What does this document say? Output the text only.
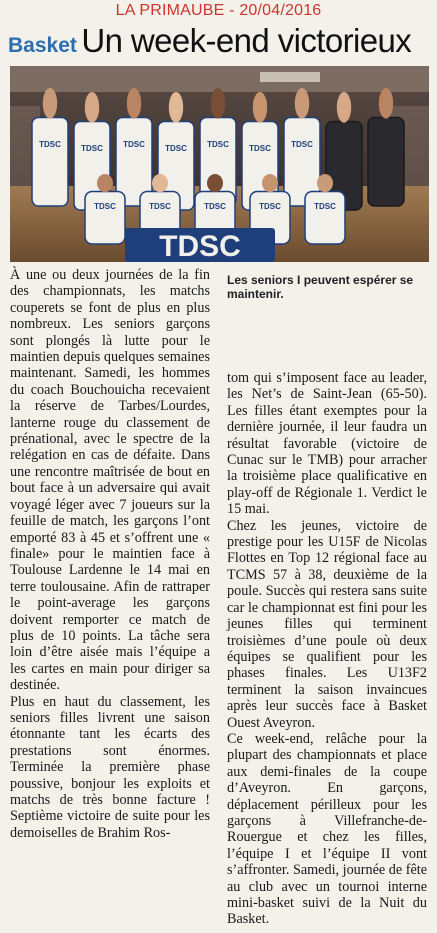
LA PRIMAUBE - 20/04/2016
Basket Un week-end victorieux
TDSC	TDSC	TDSC	TDSC	TDSC	TDSC	TDSC
TDSC	TDSC	TDSC	TDSC	TDSC
TDSC

À une ou deux journées de la fin des championnats, les matchs couperets se font de plus en plus nombreux. Les seniors garçons sont plongés là lutte pour le maintien depuis quelques semaines maintenant. Samedi, les hommes du coach Bouchouicha recevaient la réserve de Tarbes/Lourdes, lanterne rouge du classement de prénational, avec le spectre de la relégation en cas de défaite. Dans une rencontre maîtrisée de bout en bout face à un adversaire qui avait voyagé léger avec 7 joueurs sur la feuille de match, les garçons l’ont emporté 83 à 45 et s’offrent une « finale» pour le maintien face à Toulouse Lardenne le 14 mai en terre toulousaine. Afin de rattraper le point-average les garçons doivent remporter ce match de plus de 10 points. La tâche sera loin d’être aisée mais l’équipe a les cartes en main pour diriger sa destinée.

Plus en haut du classement, les seniors filles livrent une saison étonnante tant les écarts des prestations sont énormes. Terminée la première phase poussive, bonjour les exploits et matchs de très bonne facture ! Septième victoire de suite pour les demoiselles de Brahim Ros-

Les seniors I peuvent espérer se maintenir.

tom qui s’imposent face au leader, les Net’s de Saint-Jean (65-50). Les filles étant exemptes pour la dernière journée, il leur faudra un résultat favorable (victoire de Cunac sur le TMB) pour arracher la troisième place qualificative en play-off de Régionale 1. Verdict le 15 mai.

Chez les jeunes, victoire de prestige pour les U15F de Nicolas Flottes en Top 12 régional face au TCMS 57 à 38, deuxième de la poule. Succès qui restera sans suite car le championnat est fini pour les jeunes filles qui terminent troisièmes d’une poule où deux équipes se qualifient pour les phases finales. Les U13F2 terminent la saison invaincues après leur succès face à Basket Ouest Aveyron.

Ce week-end, relâche pour la plupart des championnats et place aux demi-finales de la coupe d’Aveyron. En garçons, déplacement périlleux pour les garçons à Villefranche-de-Rouergue et chez les filles, l’équipe I et l’équipe II vont s’affronter. Samedi, journée de fête au club avec un tournoi interne mini-basket suivi de la Nuit du Basket.
